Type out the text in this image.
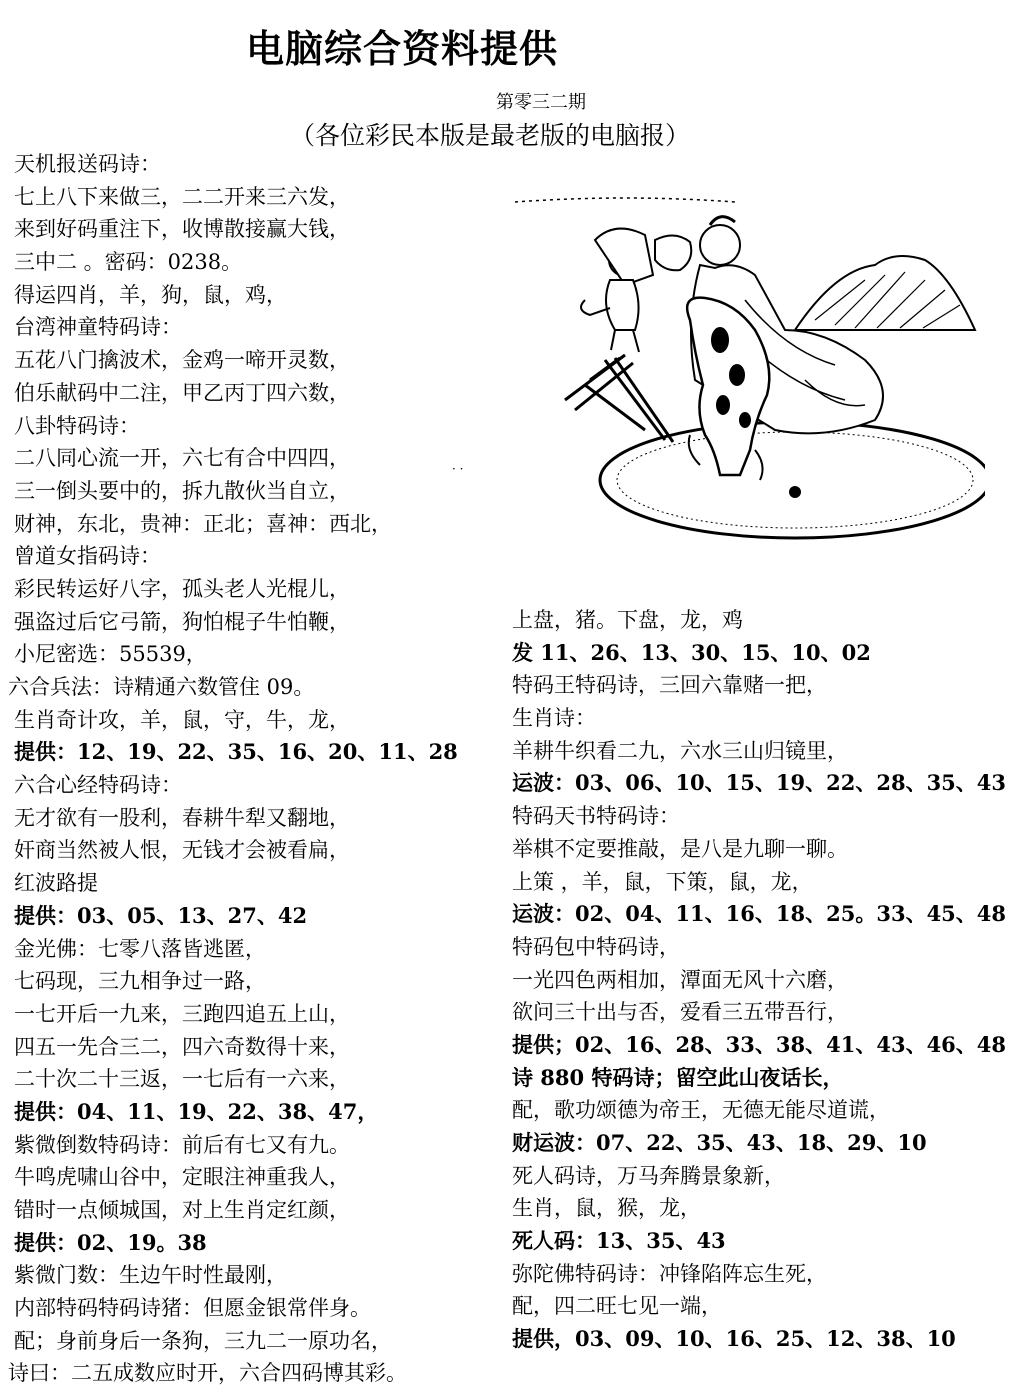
电脑综合资料提供
第零三二期
（各位彩民本版是最老版的电脑报）
天机报送码诗：
七上八下来做三，二二开来三六发，
来到好码重注下，收博散接赢大钱，
三中二 。密码：0238。
得运四肖，羊，狗，鼠，鸡，
台湾神童特码诗：
五花八门擒波术，金鸡一啼开灵数，
伯乐献码中二注，甲乙丙丁四六数，
八卦特码诗：
二八同心流一开，六七有合中四四，
三一倒头要中的，拆九散伙当自立，
财神，东北，贵神：正北；喜神：西北，
曾道女指码诗：
彩民转运好八字，孤头老人光棍儿，
强盗过后它弓箭，狗怕棍子牛怕鞭，
小尼密选：55539，
六合兵法：诗精通六数管住 09。
生肖奇计攻，羊，鼠，守，牛，龙，
提供：12、19、22、35、16、20、11、28
六合心经特码诗：
无才欲有一股利，春耕牛犁又翻地，
奸商当然被人恨，无钱才会被看扁，
红波路提
提供：03、05、13、27、42
金光佛：七零八落皆逃匿，
七码现，三九相争过一路，
一七开后一九来，三跑四追五上山，
四五一先合三二，四六奇数得十来，
二十次二十三返，一七后有一六来，
提供：04、11、19、22、38、47，
紫微倒数特码诗：前后有七又有九。
牛鸣虎啸山谷中，定眼注神重我人，
错时一点倾城国，对上生肖定红颜，
提供：02、19。38
紫微门数：生边午时性最刚，
内部特码特码诗猪：但愿金银常伴身。
配；身前身后一条狗，三九二一原功名，
诗曰：二五成数应时开，六合四码博其彩。
上盘，猪。下盘，龙，鸡
发 11、26、13、30、15、10、02
特码王特码诗，三回六靠赌一把，
生肖诗：
羊耕牛织看二九，六水三山归镜里，
运波：03、06、10、15、19、22、28、35、43
特码天书特码诗：
举棋不定要推敲，是八是九聊一聊。
上策 ，羊，鼠，下策，鼠，龙，
运波：02、04、11、16、18、25。33、45、48
特码包中特码诗，
一光四色两相加，潭面无风十六磨，
欲问三十出与否，爱看三五带吾行，
提供；02、16、28、33、38、41、43、46、48
诗 880 特码诗；留空此山夜话长，
配，歌功颂德为帝王，无德无能尽道谎，
财运波：07、22、35、43、18、29、10
死人码诗，万马奔腾景象新，
生肖，鼠，猴，龙，
死人码：13、35、43
弥陀佛特码诗：冲锋陷阵忘生死，
配，四二旺七见一端，
提供，03、09、10、16、25、12、38、10
· ·
